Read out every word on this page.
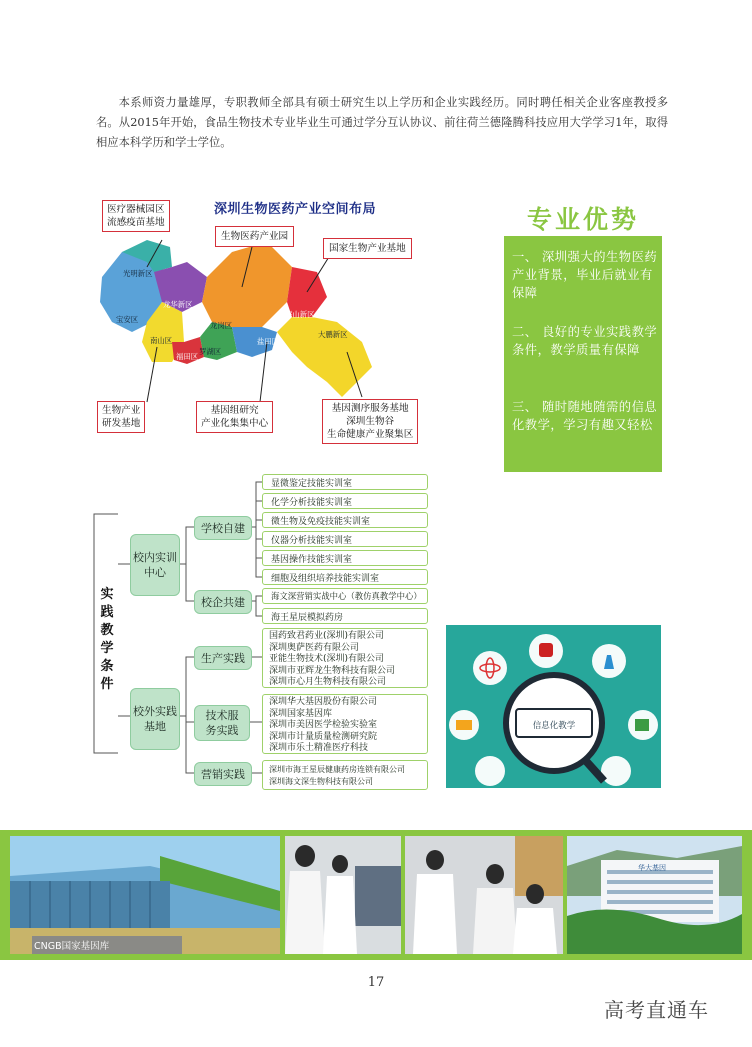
本系师资力量雄厚，专职教师全部具有硕士研究生以上学历和企业实践经历。同时聘任相关企业客座教授多名。从2015年开始，食品生物技术专业毕业生可通过学分互认协议、前往荷兰德隆腾科技应用大学学习1年，取得相应本科学历和学士学位。
深圳生物医药产业空间布局
医疗器械园区
流感疫苗基地
生物医药产业园
国家生物产业基地
生物产业
研发基地
基因组研究
产业化集集中心
基因测序服务基地
深圳生物谷
生命健康产业聚集区
光明新区
龙华新区
宝安区
南山区
福田区
罗湖区
龙岗区
坪山新区
盐田区
大鹏新区
专业优势
一、 深圳强大的生物医药产业背景，毕业后就业有保障
二、 良好的专业实践教学条件，教学质量有保障
三、 随时随地随需的信息化教学，学习有趣又轻松
实践教学条件
校内实训中心
校外实践基地
学校自建
校企共建
生产实践
技术服务实践
营销实践
显微鉴定技能实训室
化学分析技能实训室
微生物及免疫技能实训室
仪器分析技能实训室
基因操作技能实训室
细胞及组织培养技能实训室
海文深营销实战中心（教仿真教学中心）
海王星辰模拟药房
国药致君药业(深圳)有限公司
深圳奥萨医药有限公司
亚能生物技术(深圳)有限公司
深圳市亚辉龙生物科技有限公司
深圳市心月生物科技有限公司
深圳华大基因股份有限公司
深圳国家基因库
深圳市美因医学检验实验室
深圳市计量质量检测研究院
深圳市乐土精准医疗科技
深圳市海王星辰健康药房连锁有限公司
深圳海文深生物科技有限公司
信息化教学
CNGB国家基因库
华大基因
17
高考直通车
